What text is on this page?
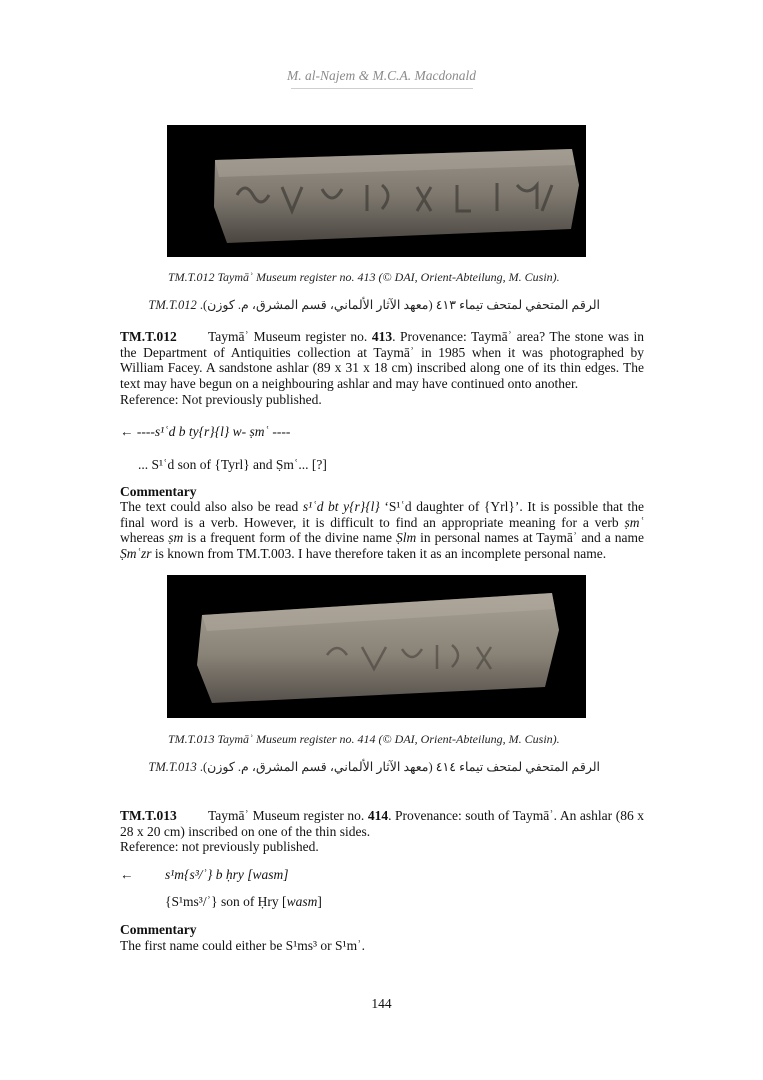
M. al-Najem & M.C.A. Macdonald
TM.T.012 Taymāʾ Museum register no. 413 (© DAI, Orient-Abteilung, M. Cusin).
الرقم المتحفي لمتحف تيماء ٤١٣ (معهد الآثار الألماني، قسم المشرق، م. كوزن). TM.T.012
TM.T.012 Taymāʾ Museum register no. 413. Provenance: Taymāʾ area? The stone was in the Department of Antiquities collection at Taymāʾ in 1985 when it was photographed by William Facey. A sandstone ashlar (89 x 31 x 18 cm) inscribed along one of its thin edges. The text may have begun on a neighbouring ashlar and may have continued onto another.
Reference: Not previously published.
← ----s¹ʿd b ty{r}{l} w- ṣmʿ ----
... S¹ʿd son of {Tyrl} and Ṣmʿ... [?]
Commentary
The text could also also be read s¹ʿd bt y{r}{l} ‘S¹ʿd daughter of {Yrl}’. It is possible that the final word is a verb. However, it is difficult to find an appropriate meaning for a verb ṣmʿ whereas ṣm is a frequent form of the divine name Ṣlm in personal names at Taymāʾ and a name Ṣmʿzr is known from TM.T.003. I have therefore taken it as an incomplete personal name.
TM.T.013 Taymāʾ Museum register no. 414 (© DAI, Orient-Abteilung, M. Cusin).
الرقم المتحفي لمتحف تيماء ٤١٤ (معهد الآثار الألماني، قسم المشرق، م. كوزن). TM.T.013
TM.T.013 Taymāʾ Museum register no. 414. Provenance: south of Taymāʾ. An ashlar (86 x 28 x 20 cm) inscribed on one of the thin sides.
Reference: not previously published.
← s¹m{s³/ʾ} b ḥry [wasm]
{S¹ms³/ʾ} son of Ḥry [wasm]
Commentary
The first name could either be S¹ms³ or S¹mʾ.
144
